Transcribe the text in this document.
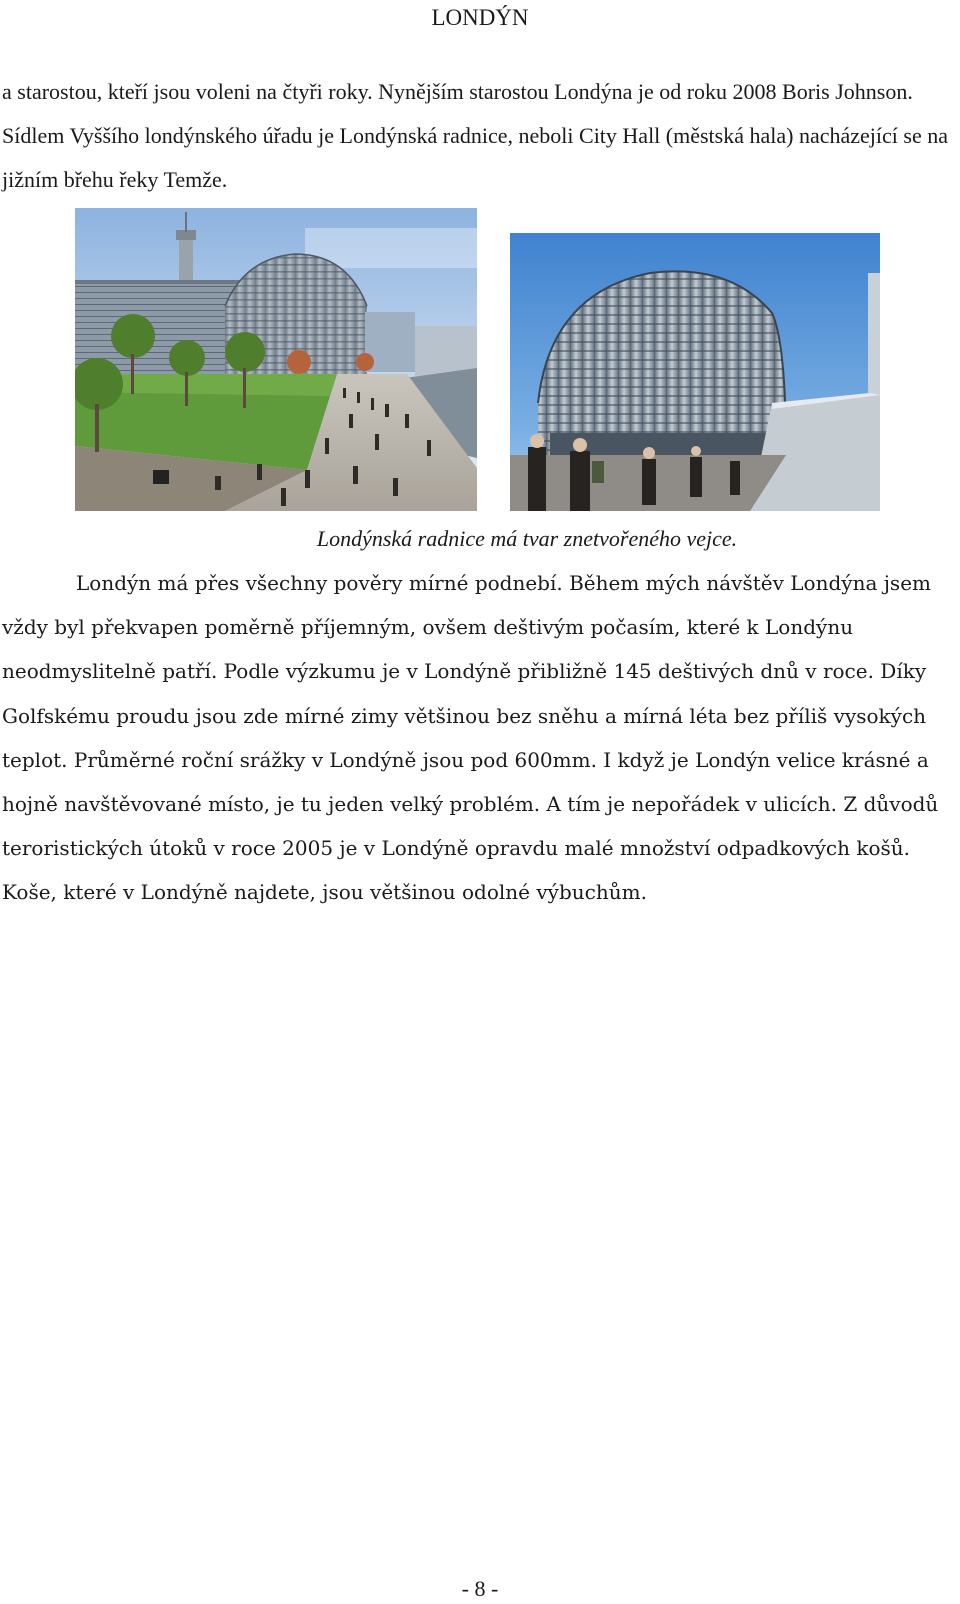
LONDÝN

a starostou, kteří jsou voleni na čtyři roky. Nynějším starostou Londýna je od roku 2008 Boris Johnson. Sídlem Vyššího londýnského úřadu je Londýnská radnice, neboli City Hall (městská hala) nacházející se na jižním břehu řeky Temže.

Londýnská radnice má tvar znetvořeného vejce.

Londýn má přes všechny pověry mírné podnebí. Během mých návštěv Londýna jsem vždy byl překvapen poměrně příjemným, ovšem deštivým počasím, které k Londýnu neodmyslitelně patří. Podle výzkumu je v Londýně přibližně 145 deštivých dnů v roce. Díky Golfskému proudu jsou zde mírné zimy většinou bez sněhu a mírná léta bez příliš vysokých teplot. Průměrné roční srážky v Londýně jsou pod 600mm. I když je Londýn velice krásné a hojně navštěvované místo, je tu jeden velký problém. A tím je nepořádek v ulicích. Z důvodů teroristických útoků v roce 2005 je v Londýně opravdu malé množství odpadkových košů. Koše, které v Londýně najdete, jsou většinou odolné výbuchům.

- 8 -
